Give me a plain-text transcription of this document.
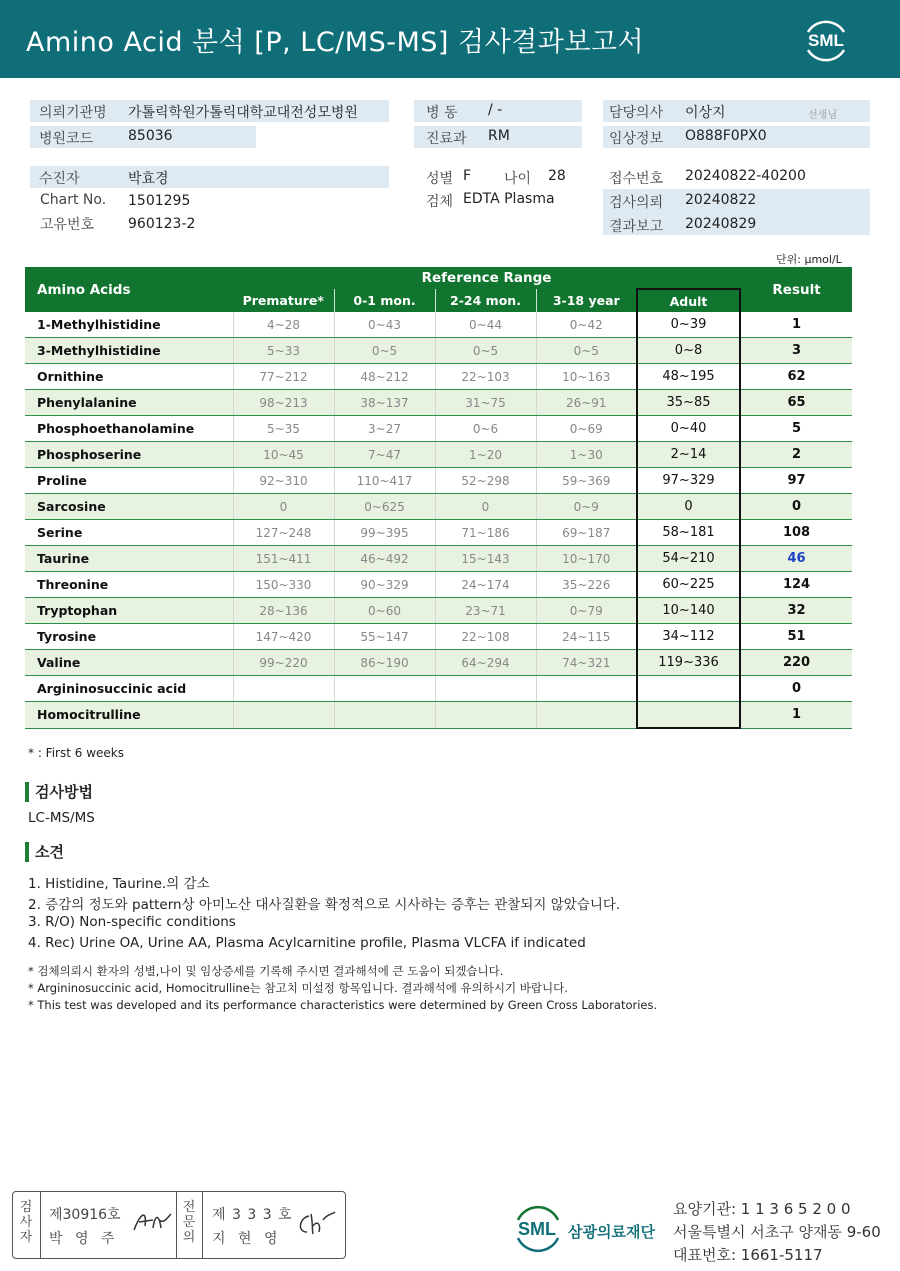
Amino Acid 분석 [P, LC/MS-MS] 검사결과보고서	SML
의뢰기관명 가톨릭학원가톨릭대학교대전성모병원
병원코드 85036
병 동 / -
진료과 RM
담당의사 이상지	선생님
임상정보 O888F0PX0
수진자	박효경
Chart No. 1501295
고유번호 960123-2
성별 F 나이 28
검체 EDTA Plasma
접수번호 20240822-40200
검사의뢰 20240822
결과보고 20240829
단위: μmol/L
Amino Acids	Reference Range					Result
	Premature*	0-1 mon.	2-24 mon.	3-18 year	Adult	
1-Methylhistidine	4~28	0~43	0~44	0~42	0~39	1
3-Methylhistidine	5~33	0~5	0~5	0~5	0~8	3
Ornithine	77~212	48~212	22~103	10~163	48~195	62
Phenylalanine	98~213	38~137	31~75	26~91	35~85	65
Phosphoethanolamine	5~35	3~27	0~6	0~69	0~40	5
Phosphoserine	10~45	7~47	1~20	1~30	2~14	2
Proline	92~310	110~417	52~298	59~369	97~329	97
Sarcosine	0	0~625	0	0~9	0	0
Serine	127~248	99~395	71~186	69~187	58~181	108
Taurine	151~411	46~492	15~143	10~170	54~210	46
Threonine	150~330	90~329	24~174	35~226	60~225	124
Tryptophan	28~136	0~60	23~71	0~79	10~140	32
Tyrosine	147~420	55~147	22~108	24~115	34~112	51
Valine	99~220	86~190	64~294	74~321	119~336	220
Argininosuccinic acid						0
Homocitrulline						1
* : First 6 weeks
검사방법
LC-MS/MS
소견
1. Histidine, Taurine.의 감소
2. 증감의 정도와 pattern상 아미노산 대사질환을 확정적으로 시사하는 증후는 관찰되지 않았습니다.
3. R/O) Non-specific conditions
4. Rec) Urine OA, Urine AA, Plasma Acylcarnitine profile, Plasma VLCFA if indicated
* 검체의뢰시 환자의 성별,나이 및 임상증세를 기록해 주시면 결과해석에 큰 도움이 되겠습니다.
* Argininosuccinic acid, Homocitrulline는 참고치 미설정 항목입니다. 결과해석에 유의하시기 바랍니다.
* This test was developed and its performance characteristics were determined by Green Cross Laboratories.
검
사
자
제30916호
박 영 주
전
문
의
제 3 3 3 호
지 현 영	SML 삼광의료재단
요양기관: 1 1 3 6 5 2 0 0
서울특별시 서초구 양재동 9-60
대표번호: 1661-5117
